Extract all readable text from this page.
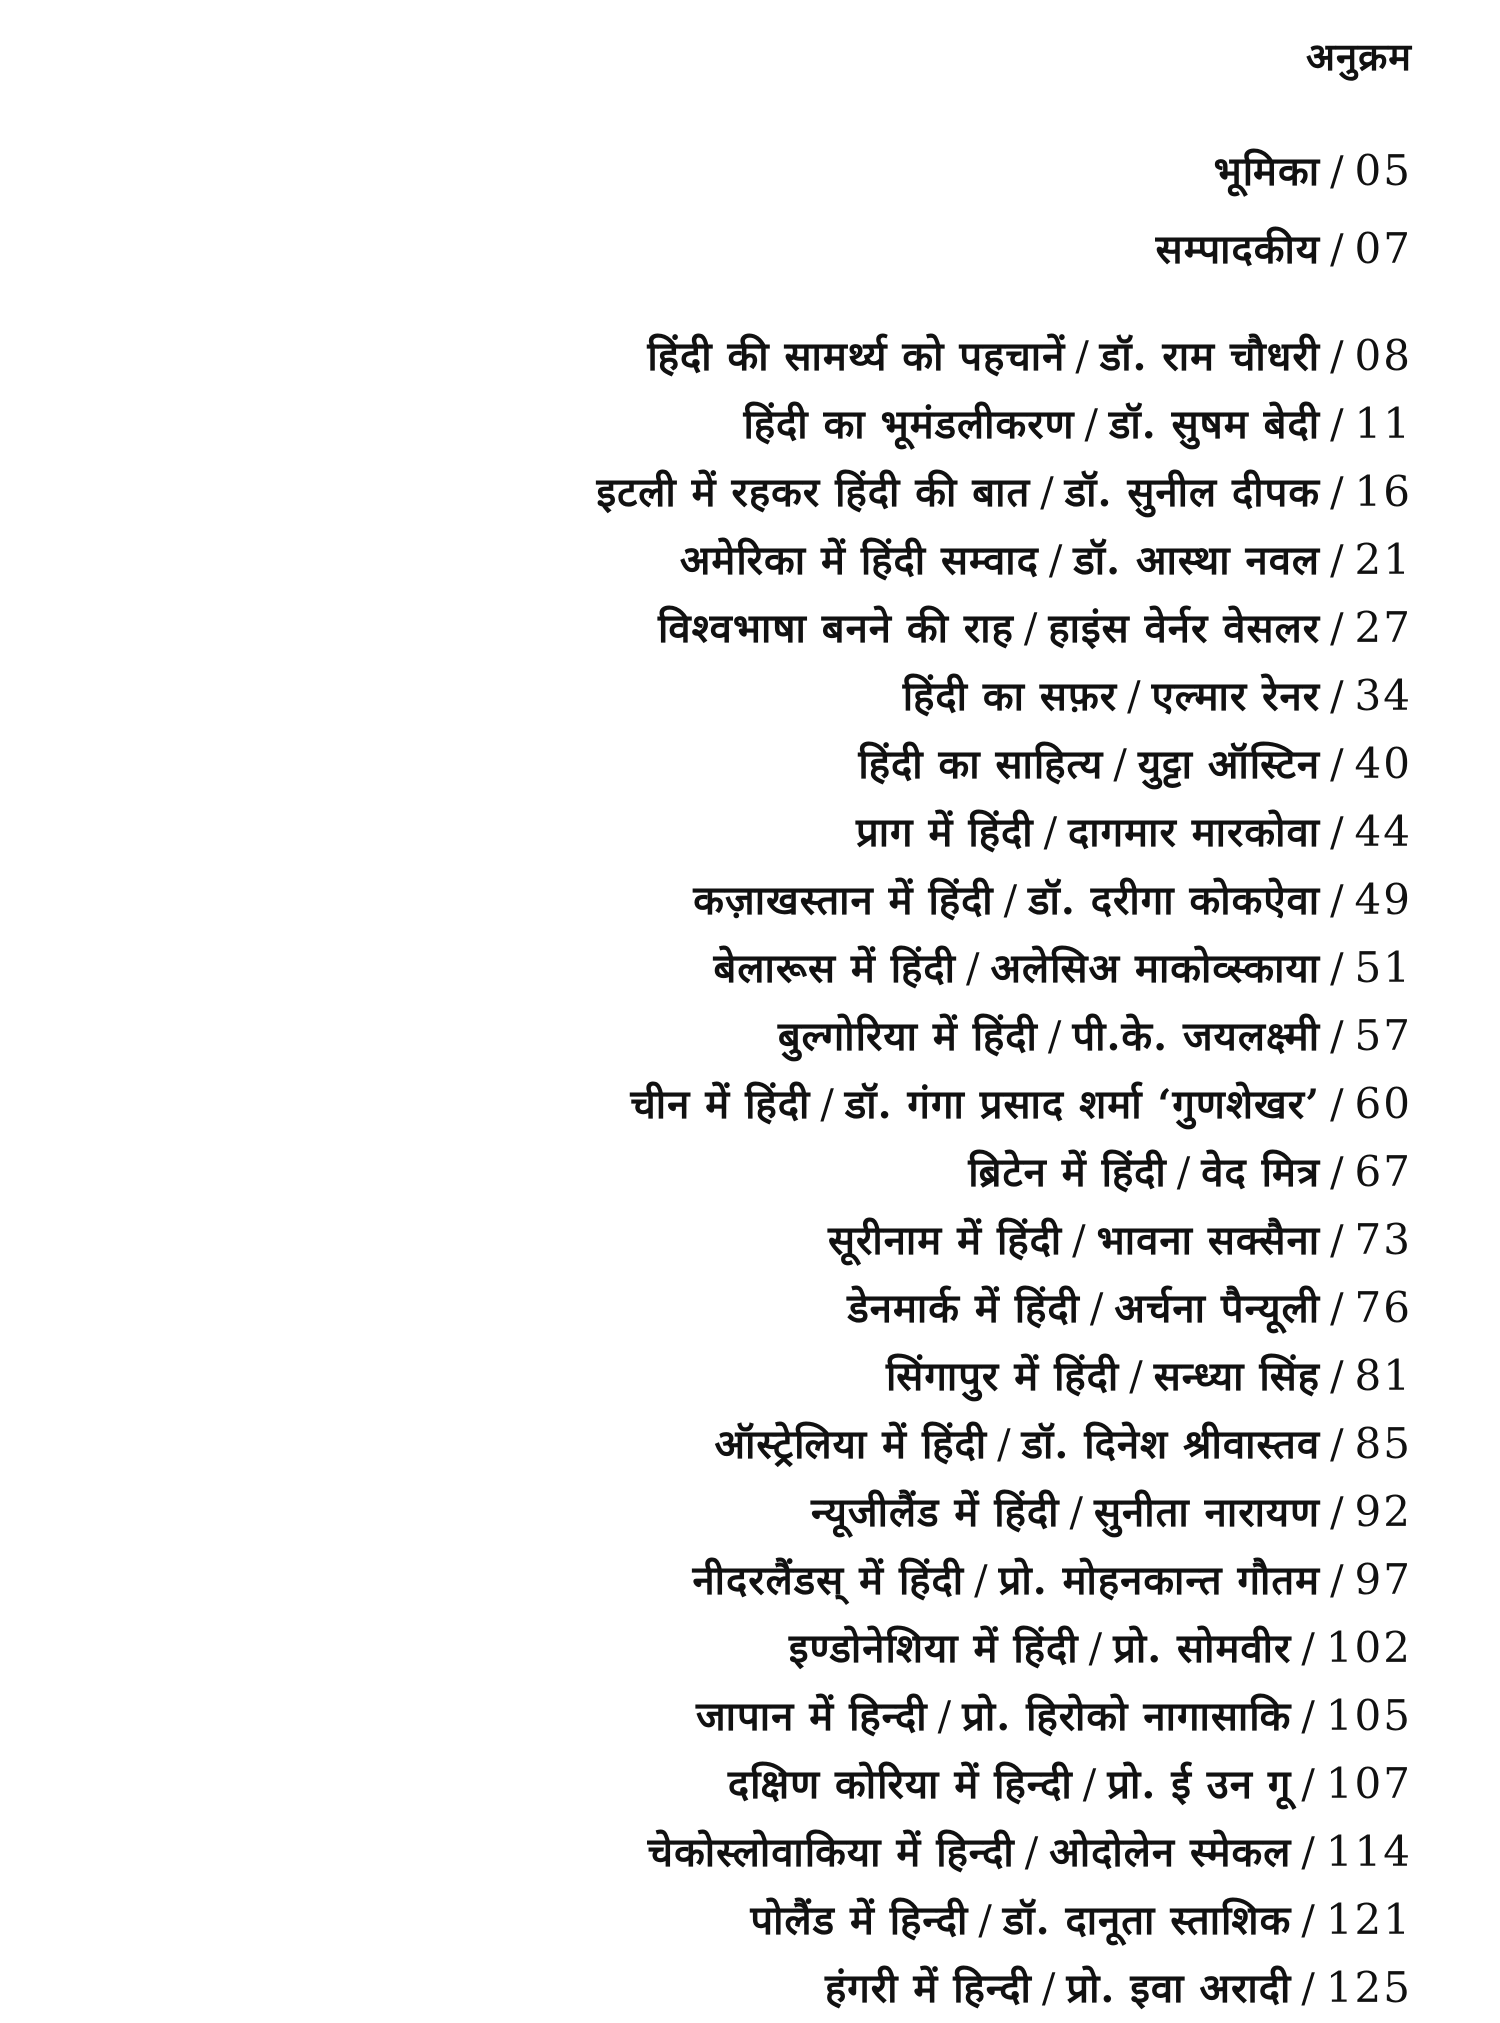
अनुक्रम
भूमिका / 05
सम्पादकीय / 07
हिंदी की सामर्थ्य को पहचानें / डॉ. राम चौधरी / 08
हिंदी का भूमंडलीकरण / डॉ. सुषम बेदी / 11
इटली में रहकर हिंदी की बात / डॉ. सुनील दीपक / 16
अमेरिका में हिंदी सम्वाद / डॉ. आस्था नवल / 21
विश्वभाषा बनने की राह / हाइंस वेर्नर वेसलर / 27
हिंदी का सफ़र / एल्मार रेनर / 34
हिंदी का साहित्य / युट्टा ऑस्टिन / 40
प्राग में हिंदी / दागमार मारकोवा / 44
कज़ाखस्तान में हिंदी / डॉ. दरीगा कोकऐवा / 49
बेलारूस में हिंदी / अलेसिअ माकोव्स्काया / 51
बुल्गोरिया में हिंदी / पी.के. जयलक्ष्मी / 57
चीन में हिंदी / डॉ. गंगा प्रसाद शर्मा ‘गुणशेखर’ / 60
ब्रिटेन में हिंदी / वेद मित्र / 67
सूरीनाम में हिंदी / भावना सक्सैना / 73
डेनमार्क में हिंदी / अर्चना पैन्यूली / 76
सिंगापुर में हिंदी / सन्ध्या सिंह / 81
ऑस्ट्रेलिया में हिंदी / डॉ. दिनेश श्रीवास्तव / 85
न्यूजीलैंड में हिंदी / सुनीता नारायण / 92
नीदरलैंडस् में हिंदी / प्रो. मोहनकान्त गौतम / 97
इण्डोनेशिया में हिंदी / प्रो. सोमवीर / 102
जापान में हिन्दी / प्रो. हिरोको नागासाकि / 105
दक्षिण कोरिया में हिन्दी / प्रो. ई उन गू / 107
चेकोस्लोवाकिया में हिन्दी / ओदोलेन स्मेकल / 114
पोलैंड में हिन्दी / डॉ. दानूता स्ताशिक / 121
हंगरी में हिन्दी / प्रो. इवा अरादी / 125
